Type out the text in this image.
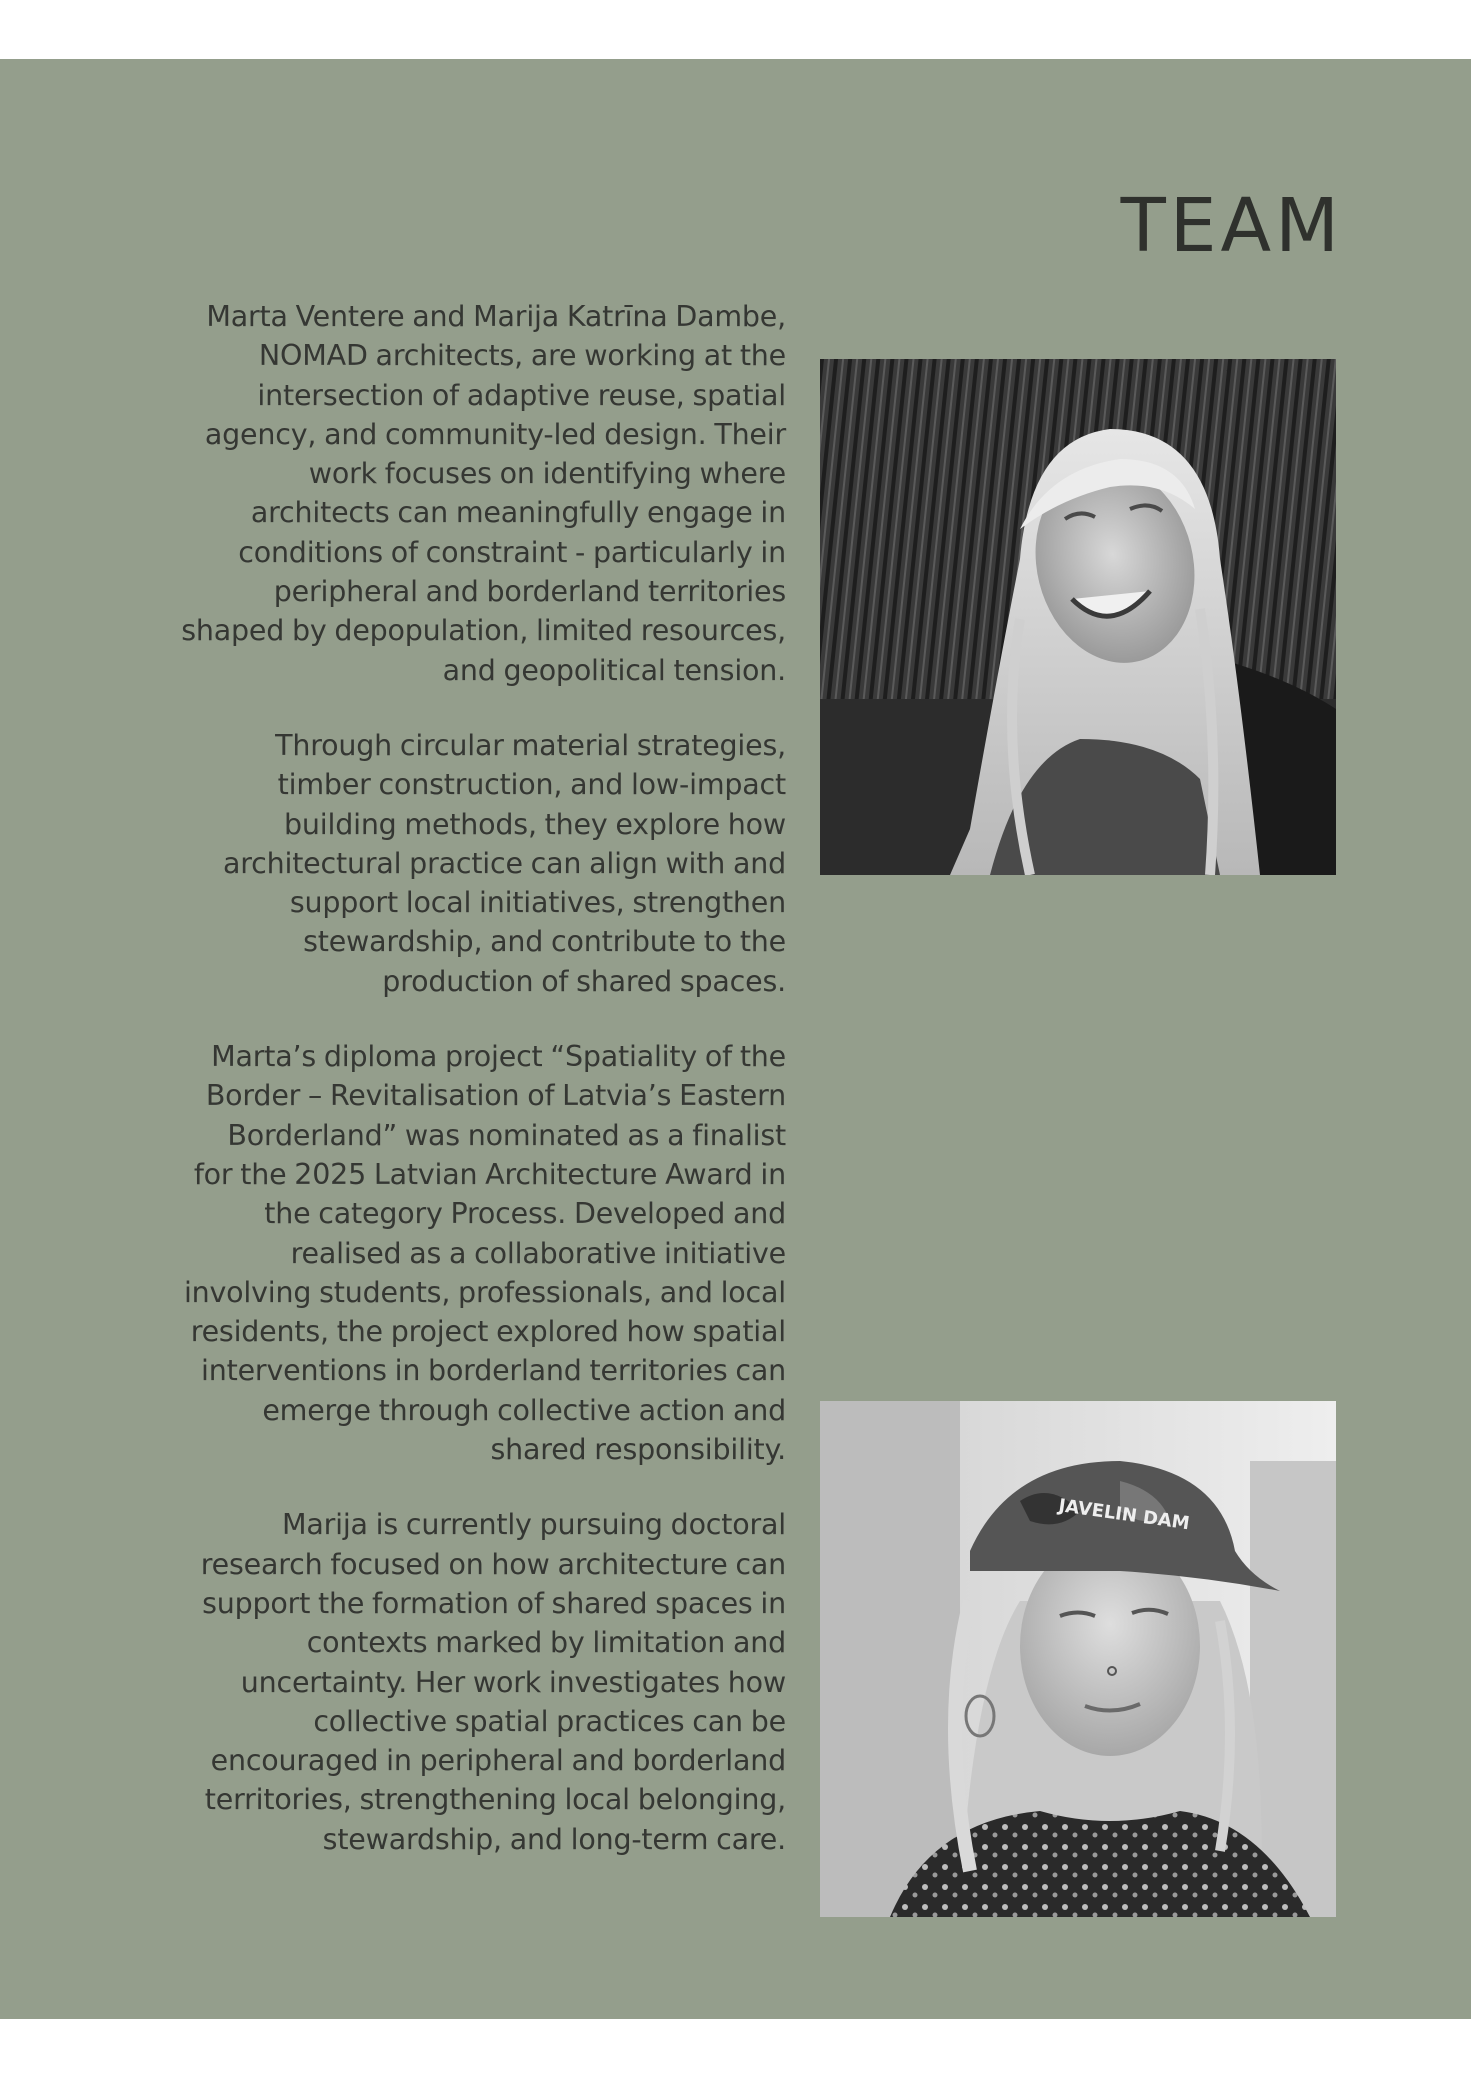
TEAM

Marta Ventere and Marija Katrīna Dambe,
NOMAD architects, are working at the
intersection of adaptive reuse, spatial
agency, and community-led design. Their
work focuses on identifying where
architects can meaningfully engage in
conditions of constraint - particularly in
peripheral and borderland territories
shaped by depopulation, limited resources,
and geopolitical tension.

Through circular material strategies,
timber construction, and low-impact
building methods, they explore how
architectural practice can align with and
support local initiatives, strengthen
stewardship, and contribute to the
production of shared spaces.

Marta’s diploma project “Spatiality of the
Border – Revitalisation of Latvia’s Eastern
Borderland” was nominated as a finalist
for the 2025 Latvian Architecture Award in
the category Process. Developed and
realised as a collaborative initiative
involving students, professionals, and local
residents, the project explored how spatial
interventions in borderland territories can
emerge through collective action and
shared responsibility.

Marija is currently pursuing doctoral
research focused on how architecture can
support the formation of shared spaces in
contexts marked by limitation and
uncertainty. Her work investigates how
collective spatial practices can be
encouraged in peripheral and borderland
territories, strengthening local belonging,
stewardship, and long-term care.

JAVELIN DAM
